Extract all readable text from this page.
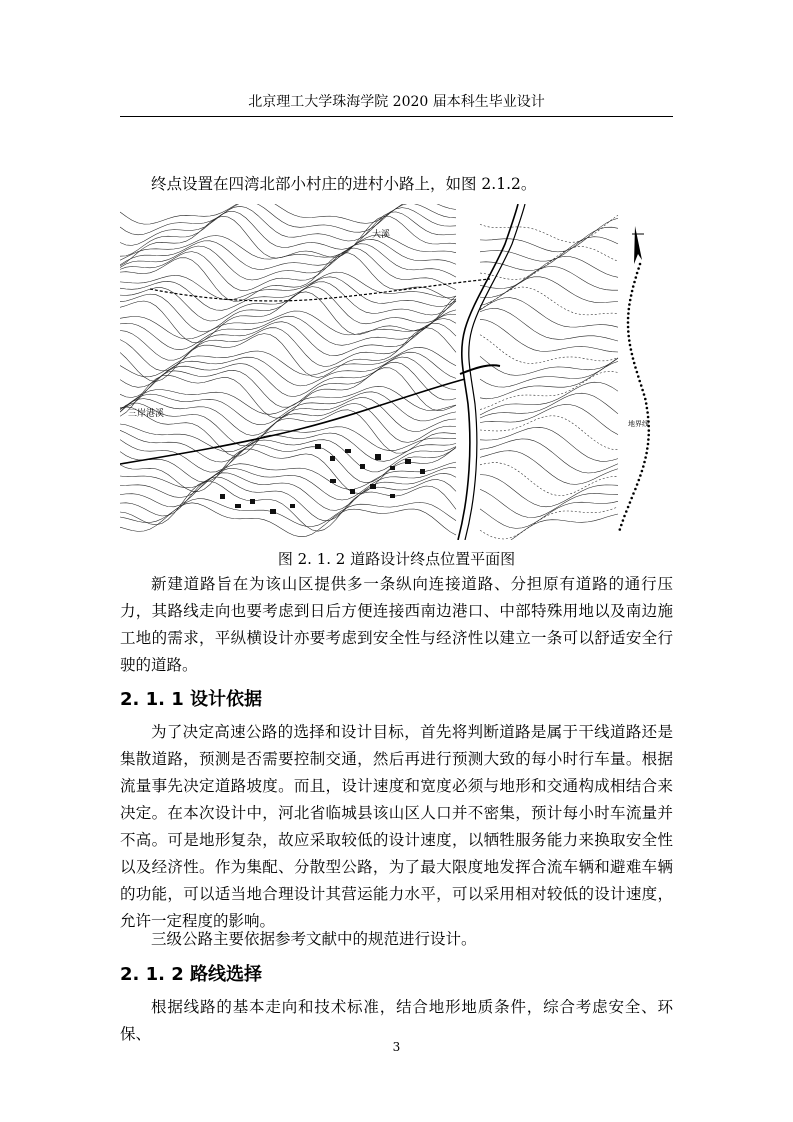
北京理工大学珠海学院 2020 届本科生毕业设计

终点设置在四湾北部小村庄的进村小路上，如图 2.1.2。

大溪
三岸港溪
地界线
图 2. 1. 2 道路设计终点位置平面图

新建道路旨在为该山区提供多一条纵向连接道路、分担原有道路的通行压力，其路线走向也要考虑到日后方便连接西南边港口、中部特殊用地以及南边施工地的需求，平纵横设计亦要考虑到安全性与经济性以建立一条可以舒适安全行驶的道路。

2. 1. 1 设计依据

为了决定高速公路的选择和设计目标，首先将判断道路是属于干线道路还是集散道路，预测是否需要控制交通，然后再进行预测大致的每小时行车量。根据流量事先决定道路坡度。而且，设计速度和宽度必须与地形和交通构成相结合来决定。在本次设计中，河北省临城县该山区人口并不密集，预计每小时车流量并不高。可是地形复杂，故应采取较低的设计速度，以牺牲服务能力来换取安全性以及经济性。作为集配、分散型公路，为了最大限度地发挥合流车辆和避难车辆的功能，可以适当地合理设计其营运能力水平，可以采用相对较低的设计速度，允许一定程度的影响。

三级公路主要依据参考文献中的规范进行设计。

2. 1. 2 路线选择

根据线路的基本走向和技术标准，结合地形地质条件，综合考虑安全、环保、

3
